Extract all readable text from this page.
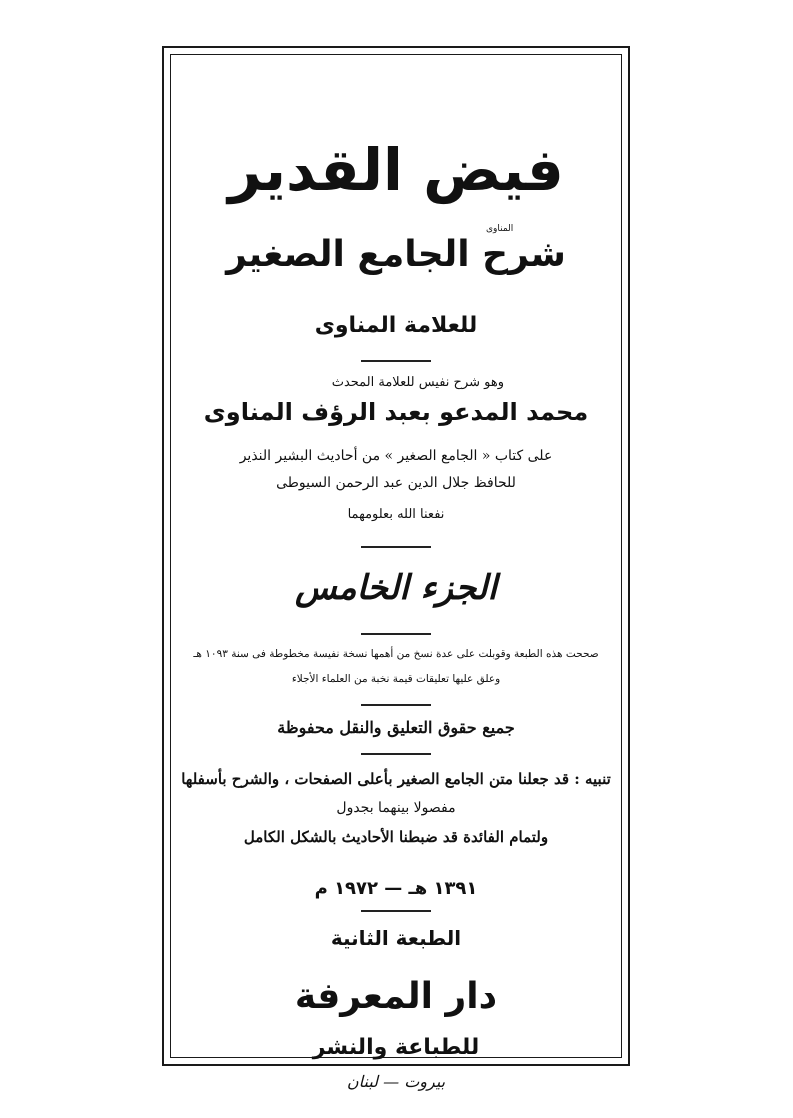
فيض القدير
المناوى
شرح الجامع الصغير
للعلامة المناوى
وهو شرح نفيس للعلامة المحدث
محمد المدعو بعبد الرؤف المناوى
على كتاب « الجامع الصغير » من أحاديث البشير النذير
للحافظ جلال الدين عبد الرحمن السيوطى
نفعنا الله بعلومهما
الجزء الخامس
صححت هذه الطبعة وقوبلت على عدة نسخ من أهمها نسخة نفيسة مخطوطة فى سنة ١٠٩٣ هـ
وعلق عليها تعليقات قيمة نخبة من العلماء الأجلاء
جميع حقوق التعليق والنقل محفوظة
تنبيه : قد جعلنا متن الجامع الصغير بأعلى الصفحات ، والشرح بأسفلها
مفصولا بينهما بجدول
ولتمام الفائدة قد ضبطنا الأحاديث بالشكل الكامل
١٣٩١ هـ — ١٩٧٢ م
الطبعة الثانية
دار المعرفة
للطباعة والنشر
بيروت — لبنان
